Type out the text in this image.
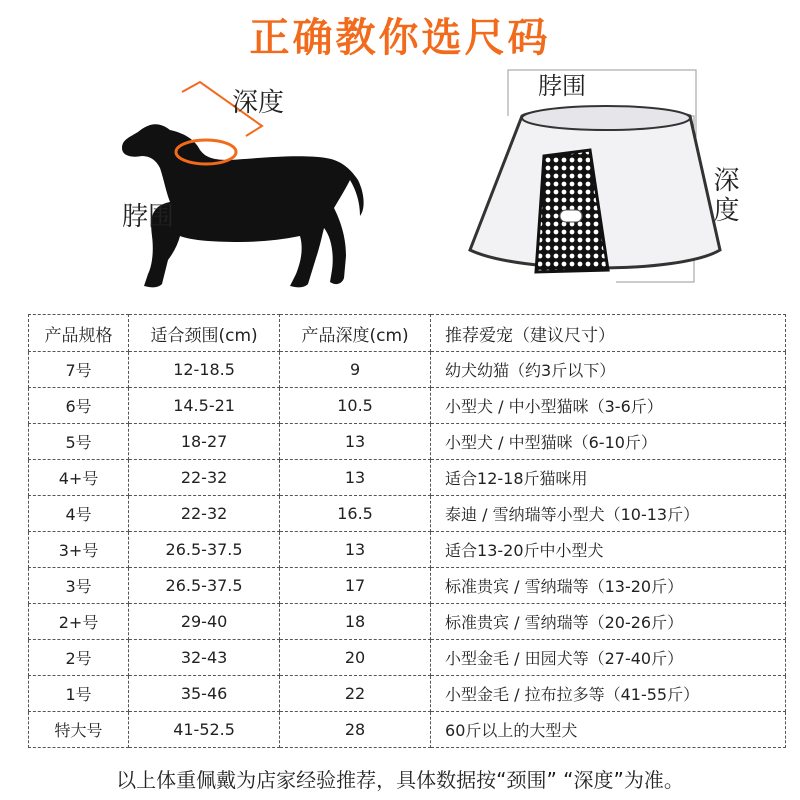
正确教你选尺码
深度
脖围
脖围
深度
产品规格	适合颈围(cm)	产品深度(cm)	推荐爱宠（建议尺寸）
7号	12-18.5	9	幼犬幼猫（约3斤以下）
6号	14.5-21	10.5	小型犬 / 中小型猫咪（3-6斤）
5号	18-27	13	小型犬 / 中型猫咪（6-10斤）
4+号	22-32	13	适合12-18斤猫咪用
4号	22-32	16.5	泰迪 / 雪纳瑞等小型犬（10-13斤）
3+号	26.5-37.5	13	适合13-20斤中小型犬
3号	26.5-37.5	17	标准贵宾 / 雪纳瑞等（13-20斤）
2+号	29-40	18	标准贵宾 / 雪纳瑞等（20-26斤）
2号	32-43	20	小型金毛 / 田园犬等（27-40斤）
1号	35-46	22	小型金毛 / 拉布拉多等（41-55斤）
特大号	41-52.5	28	60斤以上的大型犬
以上体重佩戴为店家经验推荐，具体数据按“颈围” “深度”为准。
